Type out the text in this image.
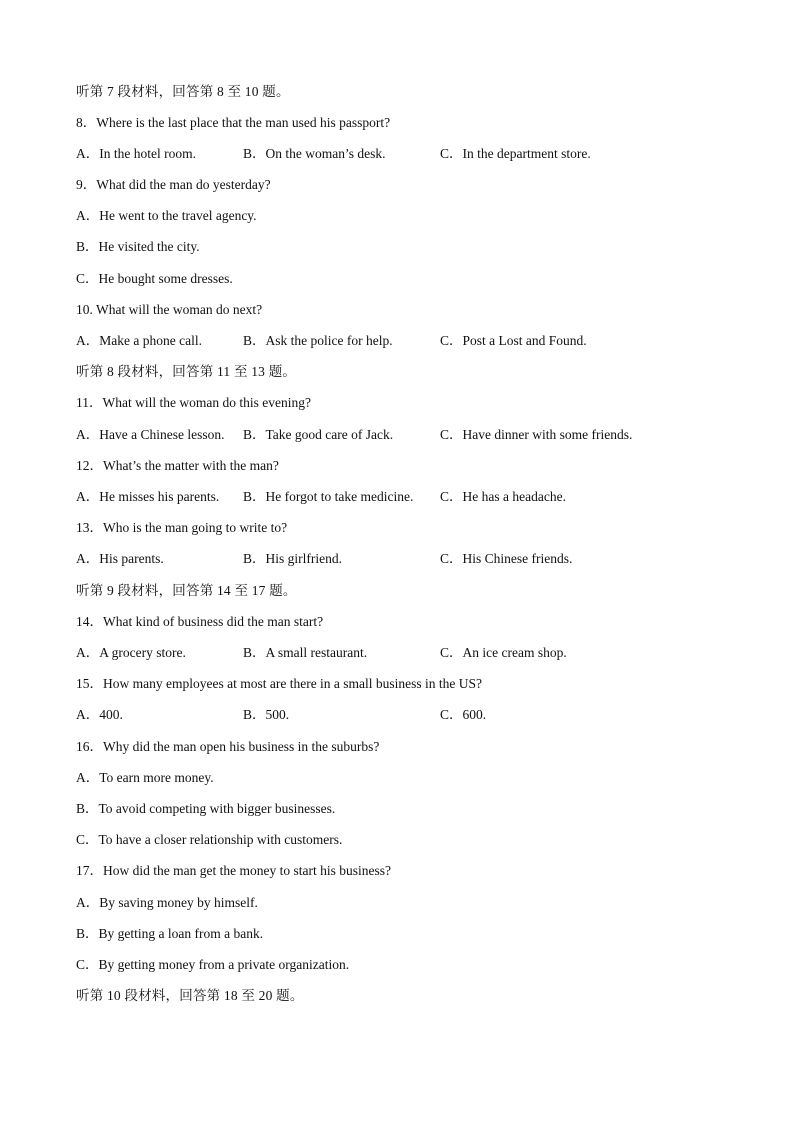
听第 7 段材料，回答第 8 至 10 题。
8．Where is the last place that the man used his passport?
A．In the hotel room.	B．On the woman’s desk.	C．In the department store.
9．What did the man do yesterday?
A．He went to the travel agency.
B．He visited the city.
C．He bought some dresses.
10. What will the woman do next?
A．Make a phone call.	B．Ask the police for help.	C．Post a Lost and Found.
听第 8 段材料，回答第 11 至 13 题。
11．What will the woman do this evening?
A．Have a Chinese lesson. B．Take good care of Jack.	C．Have dinner with some friends.
12．What’s the matter with the man?
A．He misses his parents. B．He forgot to take medicine. C．He has a headache.
13．Who is the man going to write to?
A．His parents.	B．His girlfriend.	C．His Chinese friends.
听第 9 段材料，回答第 14 至 17 题。
14．What kind of business did the man start?
A．A grocery store.	B．A small restaurant.	C．An ice cream shop.
15．How many employees at most are there in a small business in the US?
A．400.	B．500.	C．600.
16．Why did the man open his business in the suburbs?
A．To earn more money.
B．To avoid competing with bigger businesses.
C．To have a closer relationship with customers.
17．How did the man get the money to start his business?
A．By saving money by himself.
B．By getting a loan from a bank.
C．By getting money from a private organization.
听第 10 段材料，回答第 18 至 20 题。
